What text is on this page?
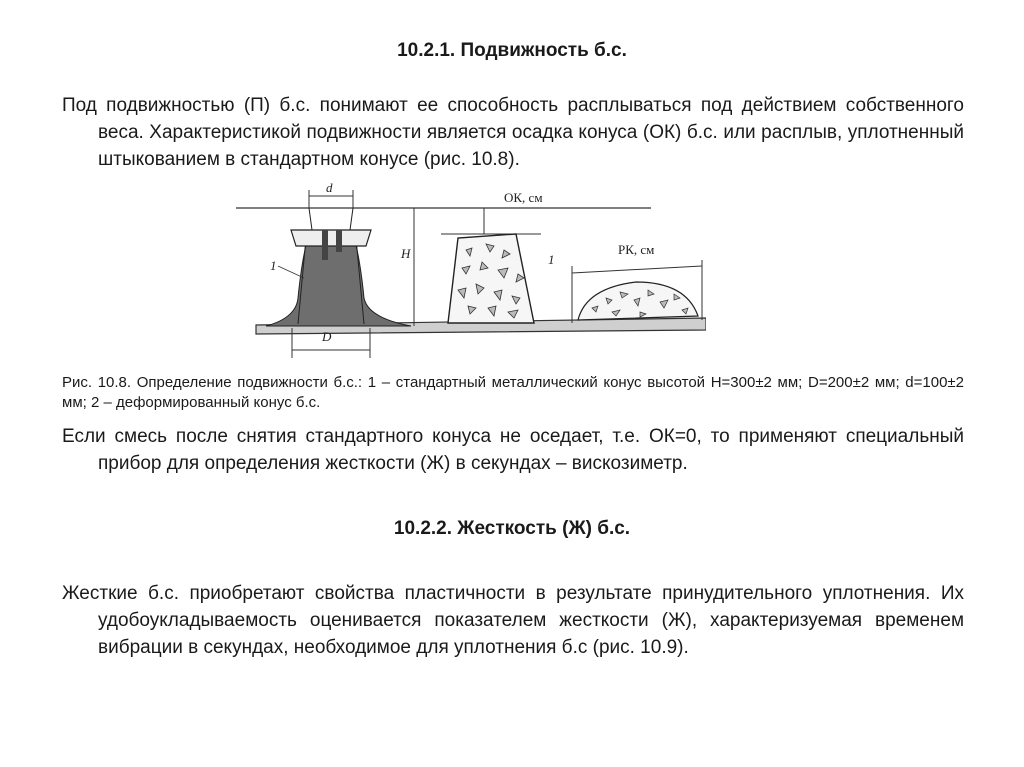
10.2.1. Подвижность б.с.

Под подвижностью (П) б.с. понимают ее способность расплываться под действием собственного веса. Характеристикой подвижности является осадка конуса (ОК) б.с. или расплыв, уплотненный штыкованием в стандартном конусе (рис. 10.8).

d
D
H
1
ОК, см
1
РК, см

Рис. 10.8. Определение подвижности б.с.: 1 – стандартный металлический конус высотой H=300±2 мм; D=200±2 мм; d=100±2 мм; 2 – деформированный конус б.с.

Если смесь после снятия стандартного конуса не оседает, т.е. ОК=0, то применяют специальный прибор для определения жесткости (Ж) в секундах – вискозиметр.

10.2.2. Жесткость (Ж) б.с.

Жесткие б.с. приобретают свойства пластичности в результате принудительного уплотнения. Их удобоукладываемость оценивается показателем жесткости (Ж), характеризуемая временем вибрации в секундах, необходимое для уплотнения б.с (рис. 10.9).
